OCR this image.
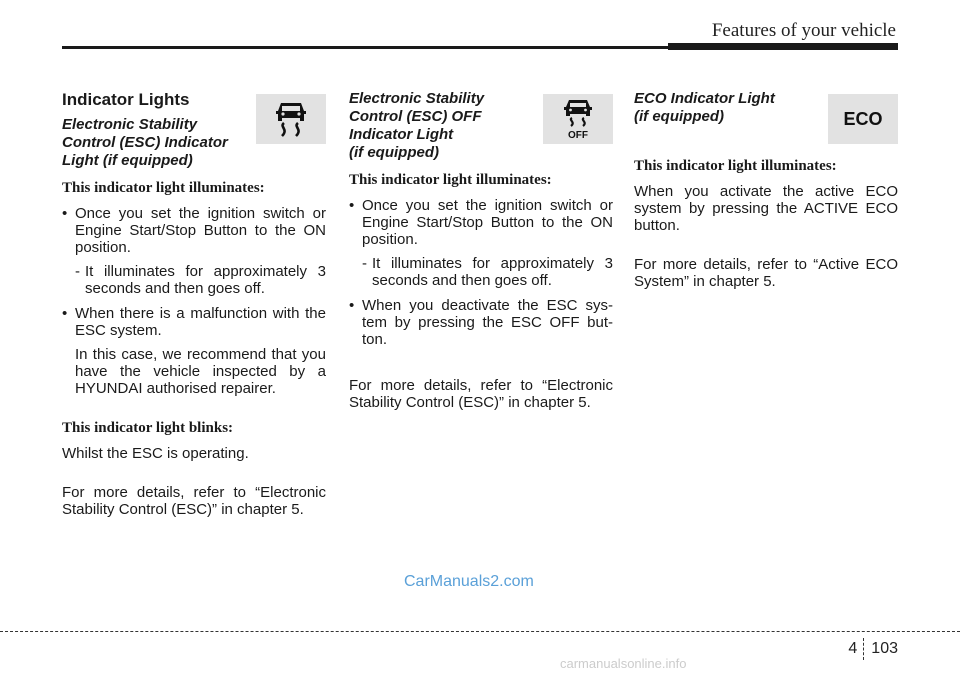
Features of your vehicle
OFF
ECO
Indicator Lights
Electronic Stability
Control (ESC) Indicator
Light (if equipped)
This indicator light illuminates:
• Once you set the ignition switch or Engine Start/Stop Button to the ON position.
- It illuminates for approximately 3 seconds and then goes off.
• When there is a malfunction with the ESC system.
In this case, we recommend that you have the vehicle inspected by a HYUNDAI authorised repairer.
This indicator light blinks:
Whilst the ESC is operating.
For more details, refer to “Electronic Stability Control (ESC)” in chapter 5.
Electronic Stability
Control (ESC) OFF
Indicator Light
(if equipped)
This indicator light illuminates:
• Once you set the ignition switch or Engine Start/Stop Button to the ON position.
- It illuminates for approximately 3 seconds and then goes off.
• When you deactivate the ESC sys-tem by pressing the ESC OFF but-ton.
For more details, refer to “Electronic Stability Control (ESC)” in chapter 5.
ECO Indicator Light
(if equipped)
This indicator light illuminates:
When you activate the active ECO system by pressing the ACTIVE ECO button.
For more details, refer to “Active ECO System” in chapter 5.
CarManuals2.com
4 103
carmanualsonline.info
